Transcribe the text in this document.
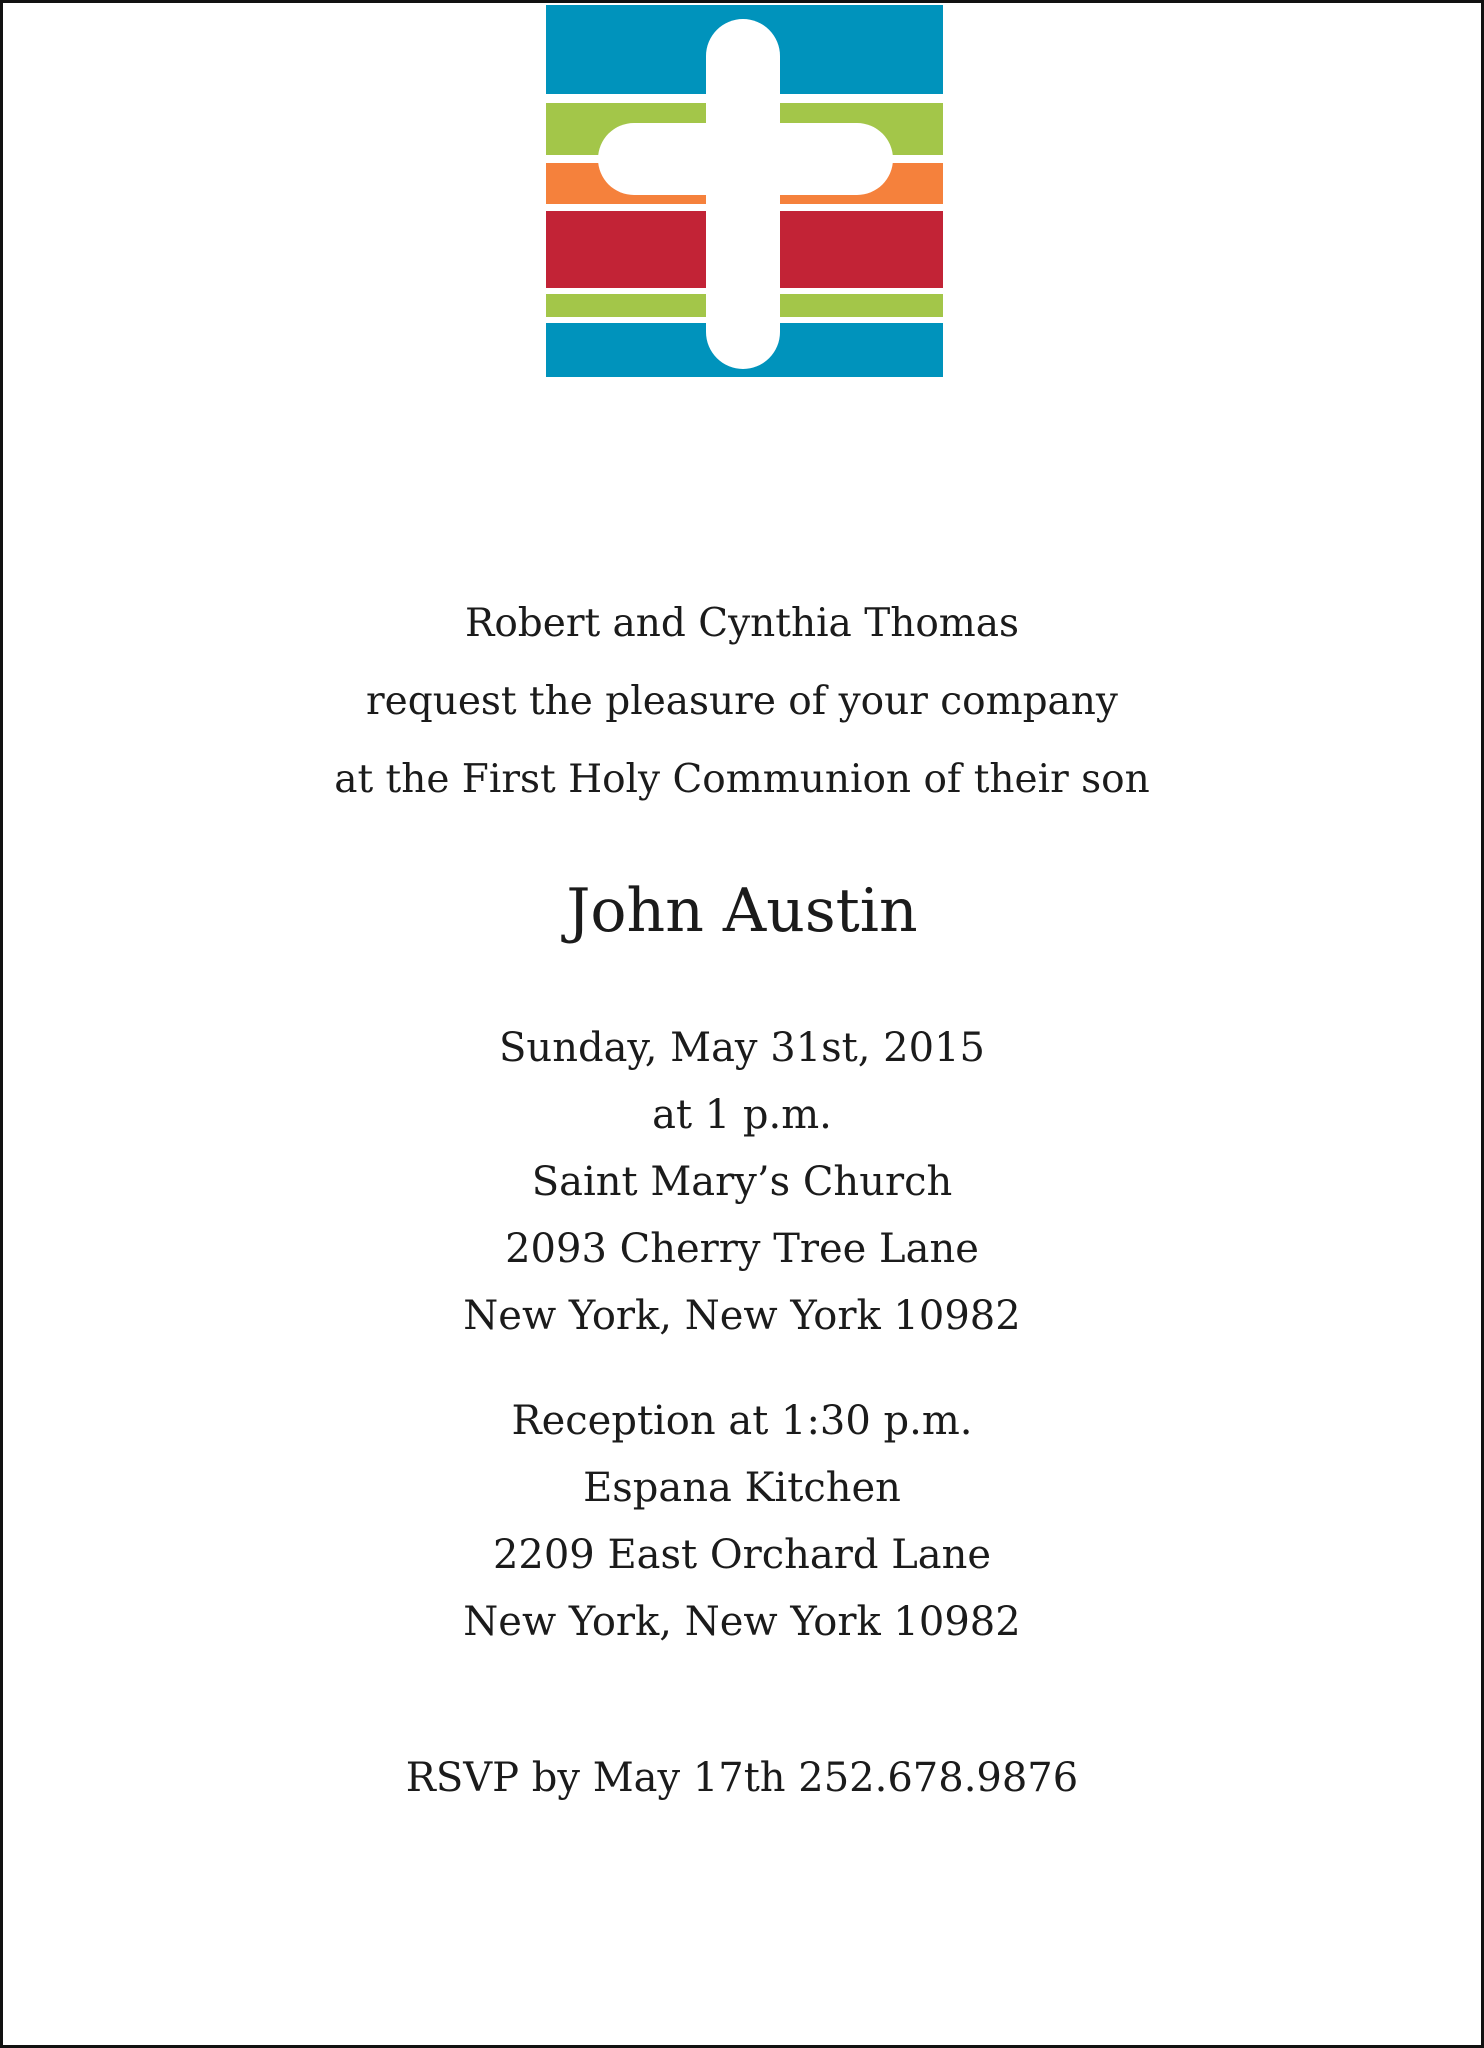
Robert and Cynthia Thomas
request the pleasure of your company
at the First Holy Communion of their son
John Austin
Sunday, May 31st, 2015
at 1 p.m.
Saint Mary’s Church
2093 Cherry Tree Lane
New York, New York 10982
Reception at 1:30 p.m.
Espana Kitchen
2209 East Orchard Lane
New York, New York 10982
RSVP by May 17th 252.678.9876
